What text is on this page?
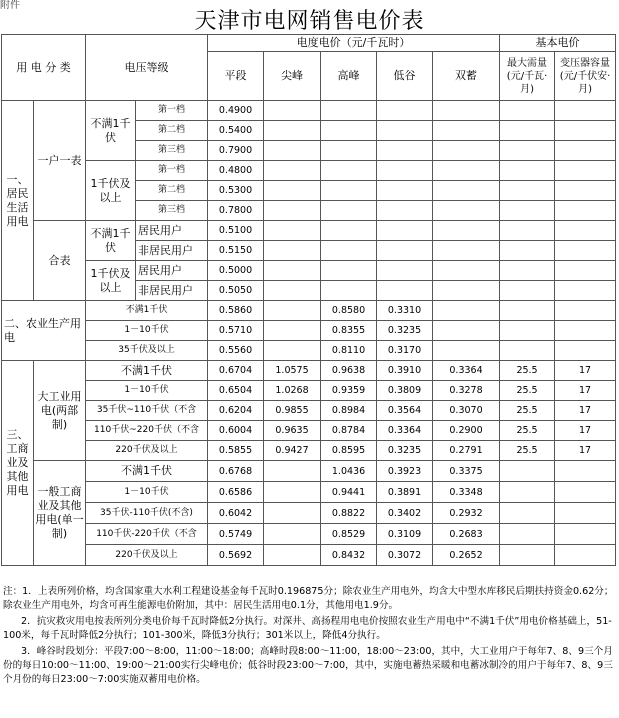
附件
天津市电网销售电价表
用 电 分 类		电压等级		电度电价（元/千瓦时）					基本电价	
				平段	尖峰	高峰	低谷	双蓄	最大需量(元/千瓦·月)	变压器容量(元/千伏安·月)
一、居民生活用电	一户一表	不满1千伏	第一档	0.4900						
			第二档	0.5400						
			第三档	0.7900						
		1千伏及以上	第一档	0.4800						
			第二档	0.5300						
			第三档	0.7800						
	合表	不满1千伏	居民用户	0.5100						
			非居民用户	0.5150						
		1千伏及以上	居民用户	0.5000						
			非居民用户	0.5050						
二、农业生产用电		不满1千伏		0.5860		0.8580	0.3310			
		1－10千伏		0.5710		0.8355	0.3235			
		35千伏及以上		0.5560		0.8110	0.3170			
三、工商业及其他用电	大工业用电(两部制)	不满1千伏		0.6704	1.0575	0.9638	0.3910	0.3364	25.5	17
		1－10千伏		0.6504	1.0268	0.9359	0.3809	0.3278	25.5	17
		35千伏~110千伏（不含		0.6204	0.9855	0.8984	0.3564	0.3070	25.5	17
		110千伏~220千伏（不含		0.6004	0.9635	0.8784	0.3364	0.2900	25.5	17
		220千伏及以上		0.5855	0.9427	0.8595	0.3235	0.2791	25.5	17
	一般工商业及其他用电(单一制)	不满1千伏		0.6768		1.0436	0.3923	0.3375		
		1－10千伏		0.6586		0.9441	0.3891	0.3348		
		35千伏-110千伏(不含)		0.6042		0.8822	0.3402	0.2932		
		110千伏-220千伏（不含		0.5749		0.8529	0.3109	0.2683		
		220千伏及以上		0.5692		0.8432	0.3072	0.2652		

注：1．上表所列价格，均含国家重大水利工程建设基金每千瓦时0.196875分；除农业生产用电外，均含大中型水库移民后期扶持资金0.62分；除农业生产用电外，均含可再生能源电价附加，其中：居民生活用电0.1分，其他用电1.9分。

2．抗灾救灾用电按表所列分类电价每千瓦时降低2分执行。对深井、高扬程用电电价按照农业生产用电中“不满1千伏”用电价格基础上，51-100米，每千瓦时降低2分执行；101-300米，降低3分执行；301米以上，降低4分执行。

3．峰谷时段划分：平段7:00～8:00，11:00～18:00；高峰时段8:00～11:00，18:00～23:00，其中，大工业用户于每年7、8、9三个月份的每日10:00～11:00、19:00～21:00实行尖峰电价；低谷时段23:00～7:00，其中，实施电蓄热采暖和电蓄冰制冷的用户于每年7、8、9三个月份的每日23:00～7:00实施双蓄用电价格。
